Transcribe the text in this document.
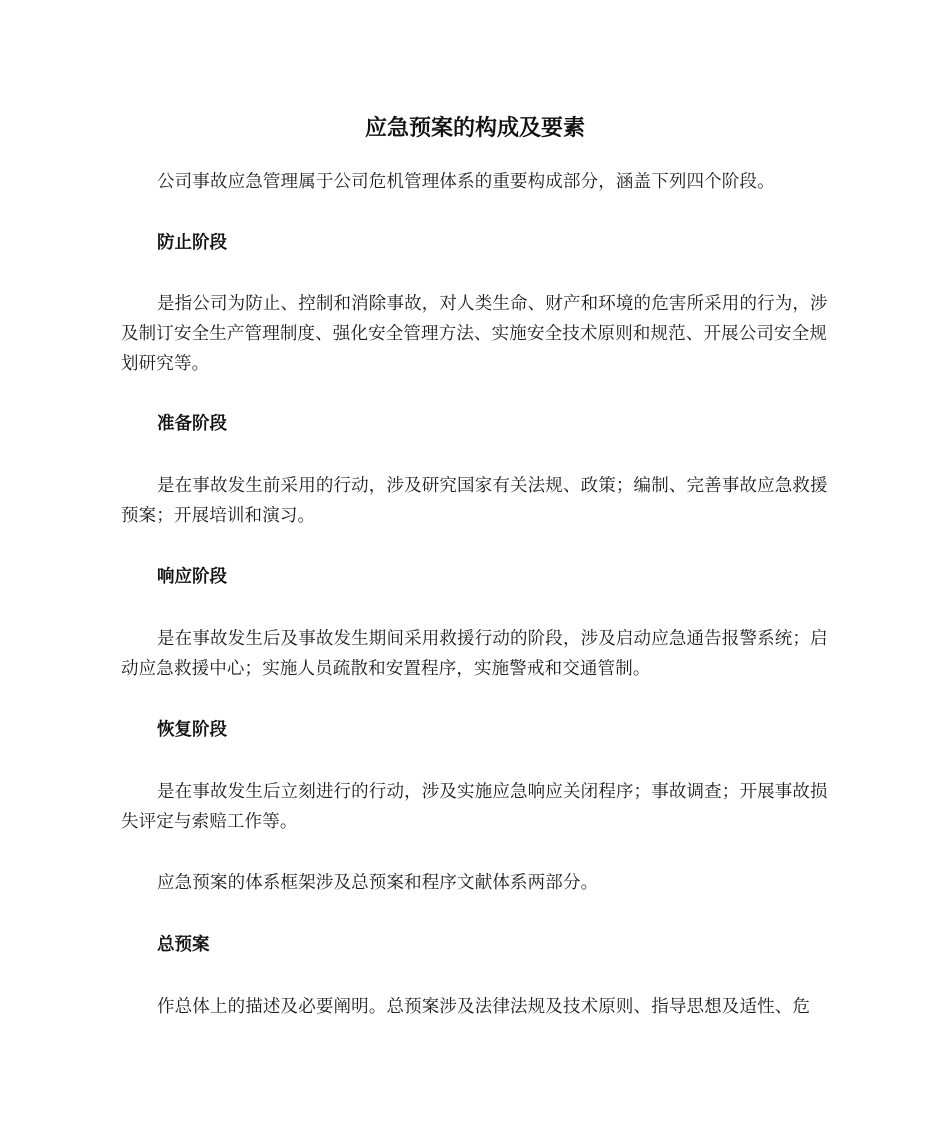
应急预案的构成及要素

公司事故应急管理属于公司危机管理体系的重要构成部分，涵盖下列四个阶段。

防止阶段

是指公司为防止、控制和消除事故，对人类生命、财产和环境的危害所采用的行为，涉及制订安全生产管理制度、强化安全管理方法、实施安全技术原则和规范、开展公司安全规划研究等。

准备阶段

是在事故发生前采用的行动，涉及研究国家有关法规、政策；编制、完善事故应急救援预案；开展培训和演习。

响应阶段

是在事故发生后及事故发生期间采用救援行动的阶段，涉及启动应急通告报警系统；启动应急救援中心；实施人员疏散和安置程序，实施警戒和交通管制。

恢复阶段

是在事故发生后立刻进行的行动，涉及实施应急响应关闭程序；事故调查；开展事故损失评定与索赔工作等。

应急预案的体系框架涉及总预案和程序文献体系两部分。

总预案

作总体上的描述及必要阐明。总预案涉及法律法规及技术原则、指导思想及适性、危
